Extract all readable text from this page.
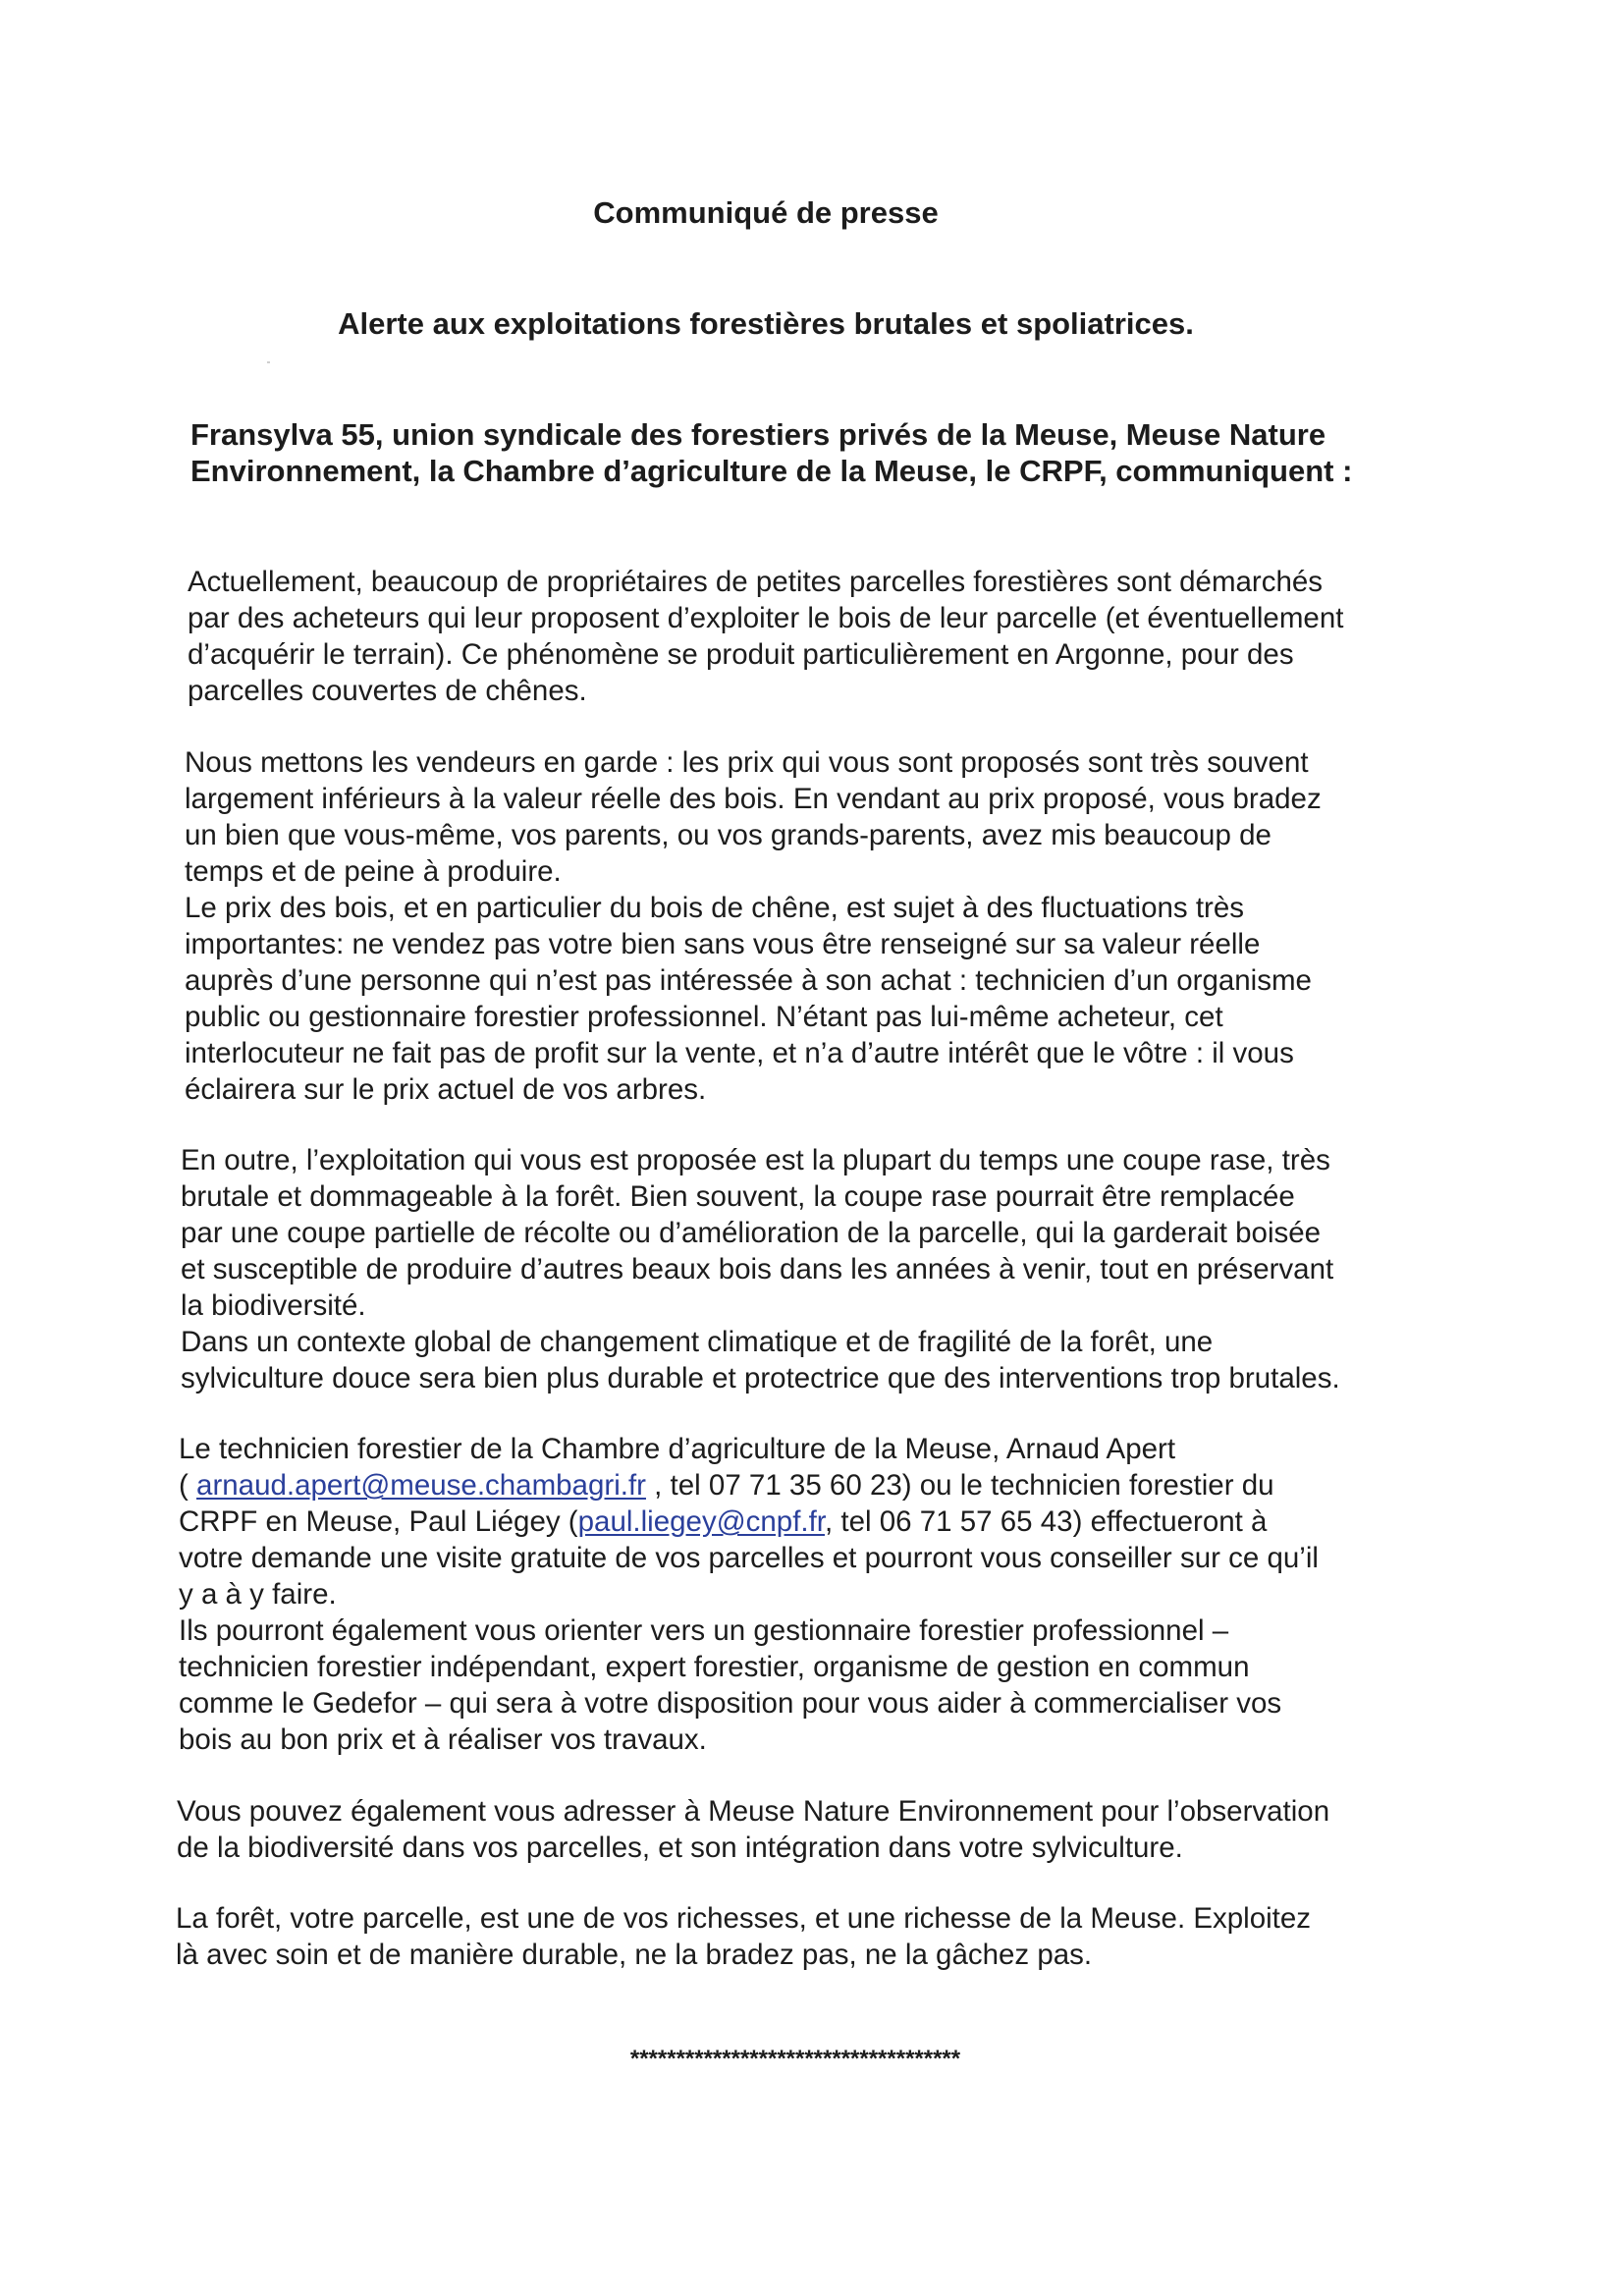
Communiqué de presse

Alerte aux exploitations forestières brutales et spoliatrices.

Fransylva 55, union syndicale des forestiers privés de la Meuse, Meuse Nature
Environnement, la Chambre d’agriculture de la Meuse, le CRPF, communiquent :

Actuellement, beaucoup de propriétaires de petites parcelles forestières sont démarchés
par des acheteurs qui leur proposent d’exploiter le bois de leur parcelle (et éventuellement
d’acquérir le terrain). Ce phénomène se produit particulièrement en Argonne, pour des
parcelles couvertes de chênes.

Nous mettons les vendeurs en garde : les prix qui vous sont proposés sont très souvent
largement inférieurs à la valeur réelle des bois. En vendant au prix proposé, vous bradez
un bien que vous-même, vos parents, ou vos grands-parents, avez mis beaucoup de
temps et de peine à produire.
Le prix des bois, et en particulier du bois de chêne, est sujet à des fluctuations très
importantes: ne vendez pas votre bien sans vous être renseigné sur sa valeur réelle
auprès d’une personne qui n’est pas intéressée à son achat : technicien d’un organisme
public ou gestionnaire forestier professionnel. N’étant pas lui-même acheteur, cet
interlocuteur ne fait pas de profit sur la vente, et n’a d’autre intérêt que le vôtre : il vous
éclairera sur le prix actuel de vos arbres.

En outre, l’exploitation qui vous est proposée est la plupart du temps une coupe rase, très
brutale et dommageable à la forêt. Bien souvent, la coupe rase pourrait être remplacée
par une coupe partielle de récolte ou d’amélioration de la parcelle, qui la garderait boisée
et susceptible de produire d’autres beaux bois dans les années à venir, tout en préservant
la biodiversité.
Dans un contexte global de changement climatique et de fragilité de la forêt, une
sylviculture douce sera bien plus durable et protectrice que des interventions trop brutales.

Le technicien forestier de la Chambre d’agriculture de la Meuse, Arnaud Apert
( arnaud.apert@meuse.chambagri.fr , tel 07 71 35 60 23) ou le technicien forestier du
CRPF en Meuse, Paul Liégey (paul.liegey@cnpf.fr, tel 06 71 57 65 43) effectueront à
votre demande une visite gratuite de vos parcelles et pourront vous conseiller sur ce qu’il
y a à y faire.
Ils pourront également vous orienter vers un gestionnaire forestier professionnel –
technicien forestier indépendant, expert forestier, organisme de gestion en commun
comme le Gedefor – qui sera à votre disposition pour vous aider à commercialiser vos
bois au bon prix et à réaliser vos travaux.

Vous pouvez également vous adresser à Meuse Nature Environnement pour l’observation
de la biodiversité dans vos parcelles, et son intégration dans votre sylviculture.

La forêt, votre parcelle, est une de vos richesses, et une richesse de la Meuse. Exploitez
là avec soin et de manière durable, ne la bradez pas, ne la gâchez pas.

************************************
